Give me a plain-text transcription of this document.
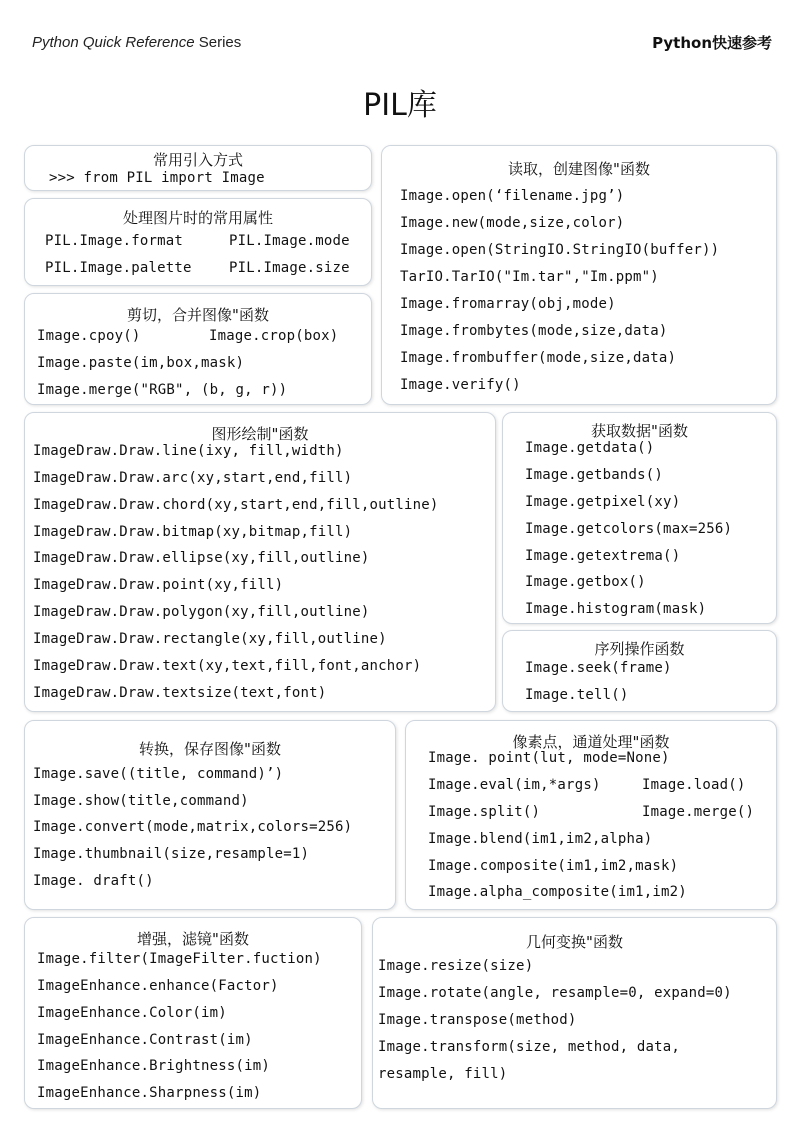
Python Quick Reference Series	Python快速参考
PIL库
常用引入方式
>>> from PIL import Image
处理图片时的常用属性
PIL.Image.format	PIL.Image.mode
PIL.Image.palette	PIL.Image.size
剪切，合并图像"函数
Image.cpoy()	Image.crop(box)
Image.paste(im,box,mask)
Image.merge("RGB", (b, g, r))
读取，创建图像"函数
Image.open(‘filename.jpg’)
Image.new(mode,size,color)
Image.open(StringIO.StringIO(buffer))
TarIO.TarIO("Im.tar","Im.ppm")
Image.fromarray(obj,mode)
Image.frombytes(mode,size,data)
Image.frombuffer(mode,size,data)
Image.verify()
图形绘制"函数
ImageDraw.Draw.line(ixy, fill,width)
ImageDraw.Draw.arc(xy,start,end,fill)
ImageDraw.Draw.chord(xy,start,end,fill,outline)
ImageDraw.Draw.bitmap(xy,bitmap,fill)
ImageDraw.Draw.ellipse(xy,fill,outline)
ImageDraw.Draw.point(xy,fill)
ImageDraw.Draw.polygon(xy,fill,outline)
ImageDraw.Draw.rectangle(xy,fill,outline)
ImageDraw.Draw.text(xy,text,fill,font,anchor)
ImageDraw.Draw.textsize(text,font)
获取数据"函数
Image.getdata()
Image.getbands()
Image.getpixel(xy)
Image.getcolors(max=256)
Image.getextrema()
Image.getbox()
Image.histogram(mask)
序列操作函数
Image.seek(frame)
Image.tell()
转换，保存图像"函数
Image.save((title, command)’)
Image.show(title,command)
Image.convert(mode,matrix,colors=256)
Image.thumbnail(size,resample=1)
Image. draft()
像素点，通道处理"函数
Image. point(lut, mode=None)
Image.eval(im,*args)	Image.load()
Image.split()	Image.merge()
Image.blend(im1,im2,alpha)
Image.composite(im1,im2,mask)
Image.alpha_composite(im1,im2)
增强，滤镜"函数
Image.filter(ImageFilter.fuction)
ImageEnhance.enhance(Factor)
ImageEnhance.Color(im)
ImageEnhance.Contrast(im)
ImageEnhance.Brightness(im)
ImageEnhance.Sharpness(im)
几何变换"函数
Image.resize(size)
Image.rotate(angle, resample=0, expand=0)
Image.transpose(method)
Image.transform(size, method, data,
resample, fill)
